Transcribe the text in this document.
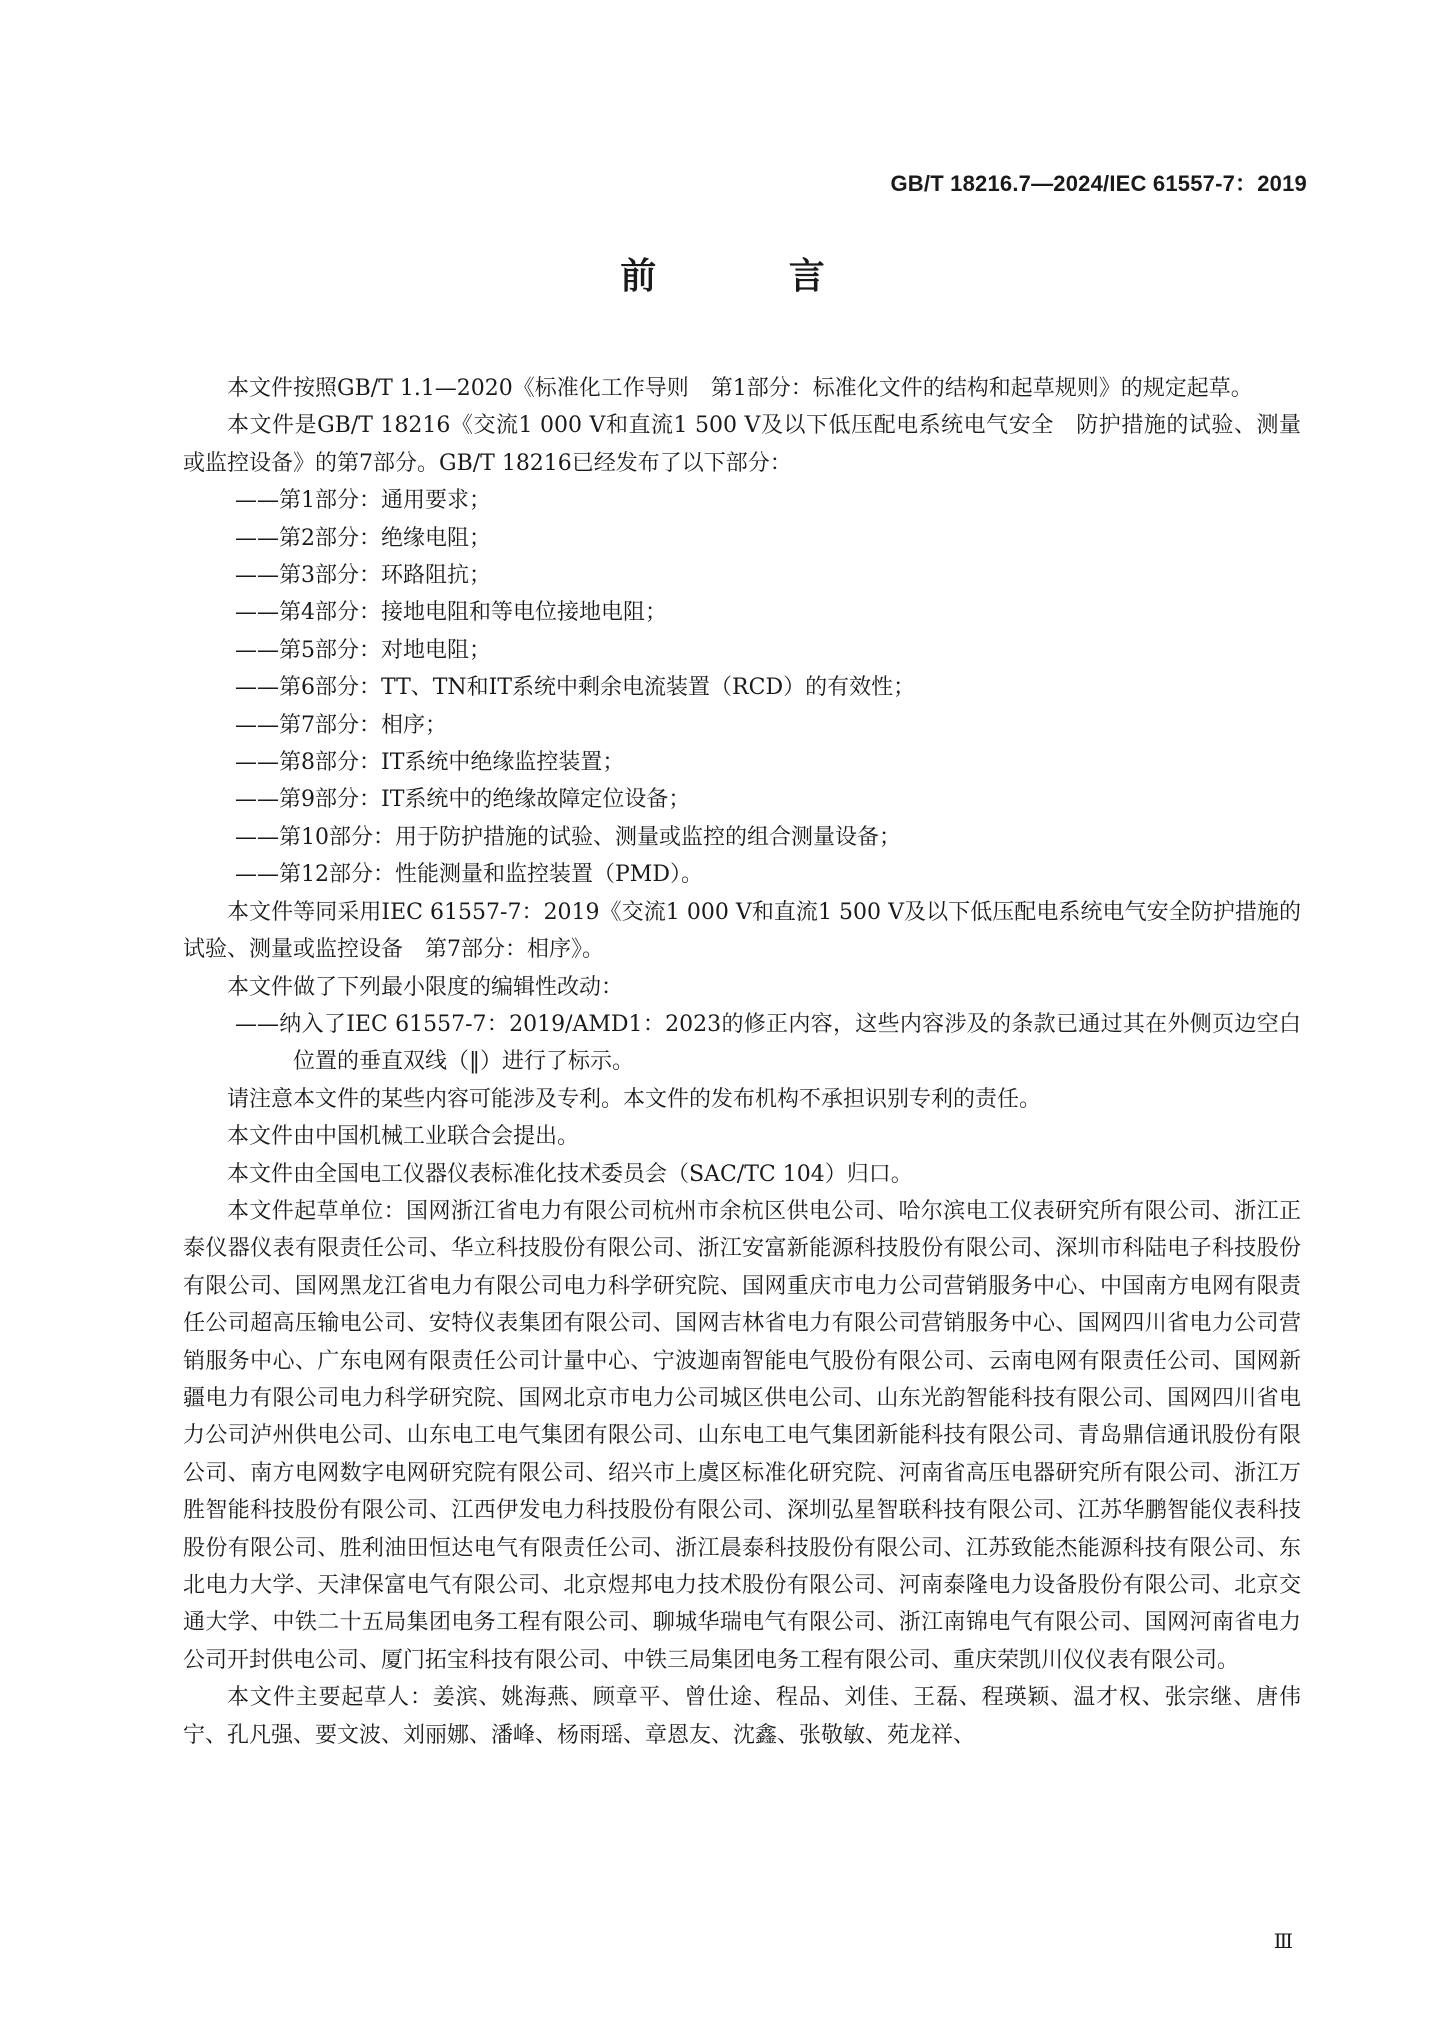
GB/T 18216.7—2024/IEC 61557-7：2019
前 言

本文件按照GB/T 1.1—2020《标准化工作导则　第1部分：标准化文件的结构和起草规则》的规定起草。

本文件是GB/T 18216《交流1 000 V和直流1 500 V及以下低压配电系统电气安全　防护措施的试验、测量或监控设备》的第7部分。GB/T 18216已经发布了以下部分：

——第1部分：通用要求；
——第2部分：绝缘电阻；
——第3部分：环路阻抗；
——第4部分：接地电阻和等电位接地电阻；
——第5部分：对地电阻；
——第6部分：TT、TN和IT系统中剩余电流装置（RCD）的有效性；
——第7部分：相序；
——第8部分：IT系统中绝缘监控装置；
——第9部分：IT系统中的绝缘故障定位设备；
——第10部分：用于防护措施的试验、测量或监控的组合测量设备；
——第12部分：性能测量和监控装置（PMD）。

本文件等同采用IEC 61557-7：2019《交流1 000 V和直流1 500 V及以下低压配电系统电气安全防护措施的试验、测量或监控设备　第7部分：相序》。

本文件做了下列最小限度的编辑性改动：

——纳入了IEC 61557-7：2019/AMD1：2023的修正内容，这些内容涉及的条款已通过其在外侧页边空白位置的垂直双线（‖）进行了标示。

请注意本文件的某些内容可能涉及专利。本文件的发布机构不承担识别专利的责任。

本文件由中国机械工业联合会提出。

本文件由全国电工仪器仪表标准化技术委员会（SAC/TC 104）归口。

本文件起草单位：国网浙江省电力有限公司杭州市余杭区供电公司、哈尔滨电工仪表研究所有限公司、浙江正泰仪器仪表有限责任公司、华立科技股份有限公司、浙江安富新能源科技股份有限公司、深圳市科陆电子科技股份有限公司、国网黑龙江省电力有限公司电力科学研究院、国网重庆市电力公司营销服务中心、中国南方电网有限责任公司超高压输电公司、安特仪表集团有限公司、国网吉林省电力有限公司营销服务中心、国网四川省电力公司营销服务中心、广东电网有限责任公司计量中心、宁波迦南智能电气股份有限公司、云南电网有限责任公司、国网新疆电力有限公司电力科学研究院、国网北京市电力公司城区供电公司、山东光韵智能科技有限公司、国网四川省电力公司泸州供电公司、山东电工电气集团有限公司、山东电工电气集团新能科技有限公司、青岛鼎信通讯股份有限公司、南方电网数字电网研究院有限公司、绍兴市上虞区标准化研究院、河南省高压电器研究所有限公司、浙江万胜智能科技股份有限公司、江西伊发电力科技股份有限公司、深圳弘星智联科技有限公司、江苏华鹏智能仪表科技股份有限公司、胜利油田恒达电气有限责任公司、浙江晨泰科技股份有限公司、江苏致能杰能源科技有限公司、东北电力大学、天津保富电气有限公司、北京煜邦电力技术股份有限公司、河南泰隆电力设备股份有限公司、北京交通大学、中铁二十五局集团电务工程有限公司、聊城华瑞电气有限公司、浙江南锦电气有限公司、国网河南省电力公司开封供电公司、厦门拓宝科技有限公司、中铁三局集团电务工程有限公司、重庆荣凯川仪仪表有限公司。

本文件主要起草人：姜滨、姚海燕、顾章平、曾仕途、程品、刘佳、王磊、程瑛颖、温才权、张宗继、唐伟宁、孔凡强、要文波、刘丽娜、潘峰、杨雨瑶、章恩友、沈鑫、张敬敏、苑龙祥、

Ⅲ
